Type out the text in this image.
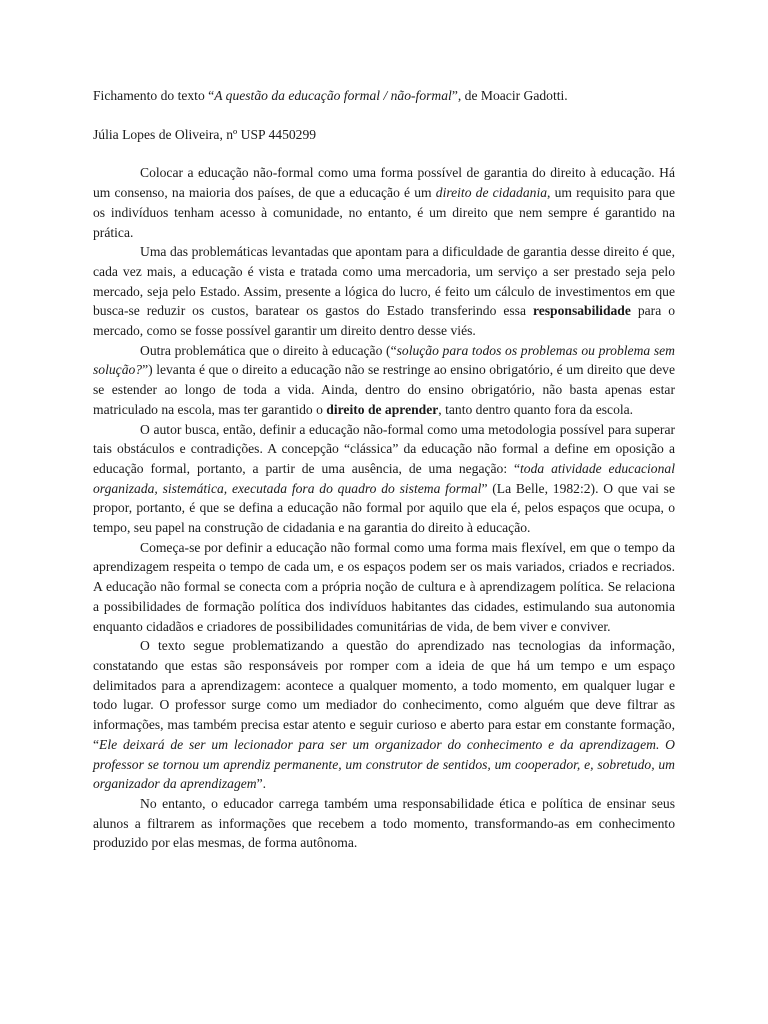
Fichamento do texto “A questão da educação formal / não-formal”, de Moacir Gadotti.

Júlia Lopes de Oliveira, nº USP 4450299

Colocar a educação não-formal como uma forma possível de garantia do direito à educação. Há um consenso, na maioria dos países, de que a educação é um direito de cidadania, um requisito para que os indivíduos tenham acesso à comunidade, no entanto, é um direito que nem sempre é garantido na prática.

Uma das problemáticas levantadas que apontam para a dificuldade de garantia desse direito é que, cada vez mais, a educação é vista e tratada como uma mercadoria, um serviço a ser prestado seja pelo mercado, seja pelo Estado. Assim, presente a lógica do lucro, é feito um cálculo de investimentos em que busca-se reduzir os custos, baratear os gastos do Estado transferindo essa responsabilidade para o mercado, como se fosse possível garantir um direito dentro desse viés.

Outra problemática que o direito à educação (“solução para todos os problemas ou problema sem solução?”) levanta é que o direito a educação não se restringe ao ensino obrigatório, é um direito que deve se estender ao longo de toda a vida. Ainda, dentro do ensino obrigatório, não basta apenas estar matriculado na escola, mas ter garantido o direito de aprender, tanto dentro quanto fora da escola.

O autor busca, então, definir a educação não-formal como uma metodologia possível para superar tais obstáculos e contradições. A concepção “clássica” da educação não formal a define em oposição a educação formal, portanto, a partir de uma ausência, de uma negação: “toda atividade educacional organizada, sistemática, executada fora do quadro do sistema formal” (La Belle, 1982:2). O que vai se propor, portanto, é que se defina a educação não formal por aquilo que ela é, pelos espaços que ocupa, o tempo, seu papel na construção de cidadania e na garantia do direito à educação.

Começa-se por definir a educação não formal como uma forma mais flexível, em que o tempo da aprendizagem respeita o tempo de cada um, e os espaços podem ser os mais variados, criados e recriados. A educação não formal se conecta com a própria noção de cultura e à aprendizagem política. Se relaciona a possibilidades de formação política dos indivíduos habitantes das cidades, estimulando sua autonomia enquanto cidadãos e criadores de possibilidades comunitárias de vida, de bem viver e conviver.

O texto segue problematizando a questão do aprendizado nas tecnologias da informação, constatando que estas são responsáveis por romper com a ideia de que há um tempo e um espaço delimitados para a aprendizagem: acontece a qualquer momento, a todo momento, em qualquer lugar e todo lugar. O professor surge como um mediador do conhecimento, como alguém que deve filtrar as informações, mas também precisa estar atento e seguir curioso e aberto para estar em constante formação, “Ele deixará de ser um lecionador para ser um organizador do conhecimento e da aprendizagem. O professor se tornou um aprendiz permanente, um construtor de sentidos, um cooperador, e, sobretudo, um organizador da aprendizagem”.

No entanto, o educador carrega também uma responsabilidade ética e política de ensinar seus alunos a filtrarem as informações que recebem a todo momento, transformando-as em conhecimento produzido por elas mesmas, de forma autônoma.
